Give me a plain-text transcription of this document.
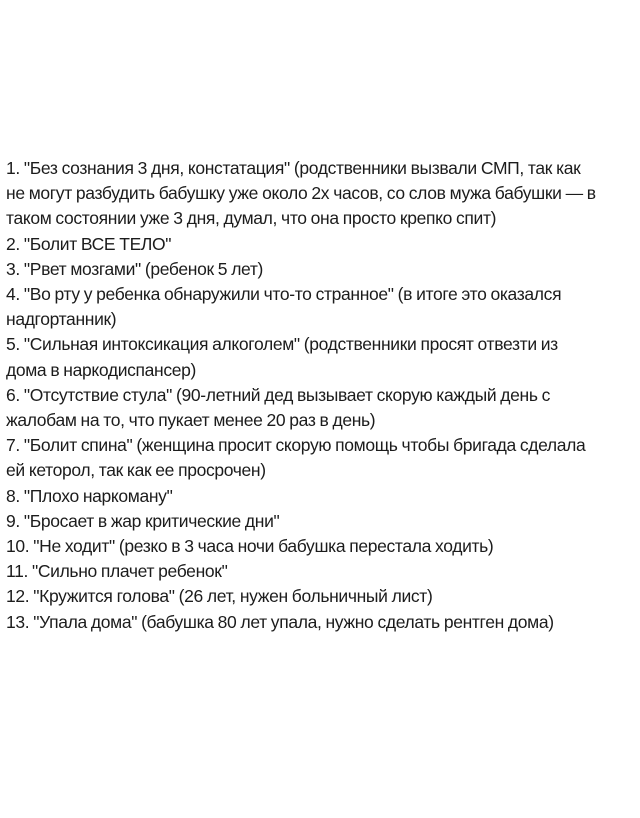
1. "Без сознания 3 дня, констатация" (родственники вызвали СМП, так как

не могут разбудить бабушку уже около 2х часов, со слов мужа бабушки — в

таком состоянии уже 3 дня, думал, что она просто крепко спит)

2. "Болит ВСЕ ТЕЛО"

3. "Рвет мозгами" (ребенок 5 лет)

4. "Во рту у ребенка обнаружили что-то странное" (в итоге это оказался

надгортанник)

5. "Сильная интоксикация алкоголем" (родственники просят отвезти из

дома в наркодиспансер)

6. "Отсутствие стула" (90-летний дед вызывает скорую каждый день с

жалобам на то, что пукает менее 20 раз в день)

7. "Болит спина" (женщина просит скорую помощь чтобы бригада сделала

ей кеторол, так как ее просрочен)

8. "Плохо наркоману"

9. "Бросает в жар критические дни"

10. "Не ходит" (резко в 3 часа ночи бабушка перестала ходить)

11. "Сильно плачет ребенок"

12. "Кружится голова" (26 лет, нужен больничный лист)

13. "Упала дома" (бабушка 80 лет упала, нужно сделать рентген дома)
